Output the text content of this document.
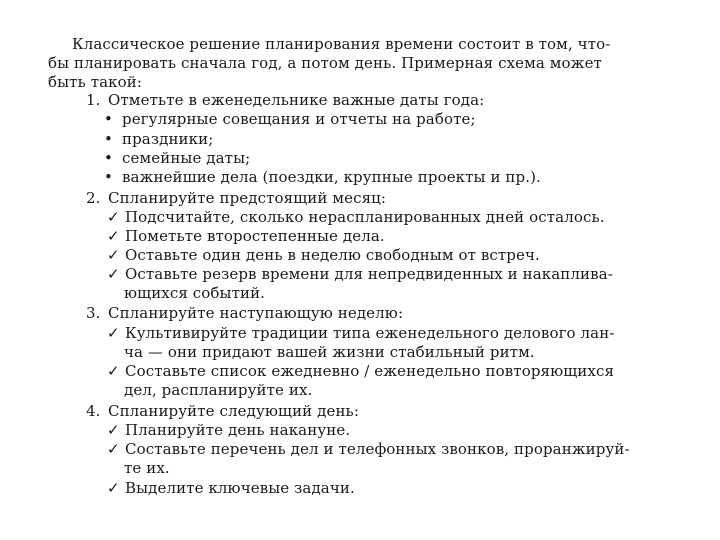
Классическое решение планирования времени состоит в том, что-
бы планировать сначала год, а потом день. Примерная схема может
быть такой:
1. Отметьте в еженедельнике важные даты года:
• регулярные совещания и отчеты на работе;
• праздники;
• семейные даты;
• важнейшие дела (поездки, крупные проекты и пр.).
2. Спланируйте предстоящий месяц:
✓ Подсчитайте, сколько нераспланированных дней осталось.
✓ Пометьте второстепенные дела.
✓ Оставьте один день в неделю свободным от встреч.
✓ Оставьте резерв времени для непредвиденных и накаплива-
ющихся событий.
3. Спланируйте наступающую неделю:
✓ Культивируйте традиции типа еженедельного делового лан-
ча — они придают вашей жизни стабильный ритм.
✓ Составьте список ежедневно / еженедельно повторяющихся
дел, распланируйте их.
4. Спланируйте следующий день:
✓ Планируйте день накануне.
✓ Составьте перечень дел и телефонных звонков, проранжируй-
те их.
✓ Выделите ключевые задачи.
